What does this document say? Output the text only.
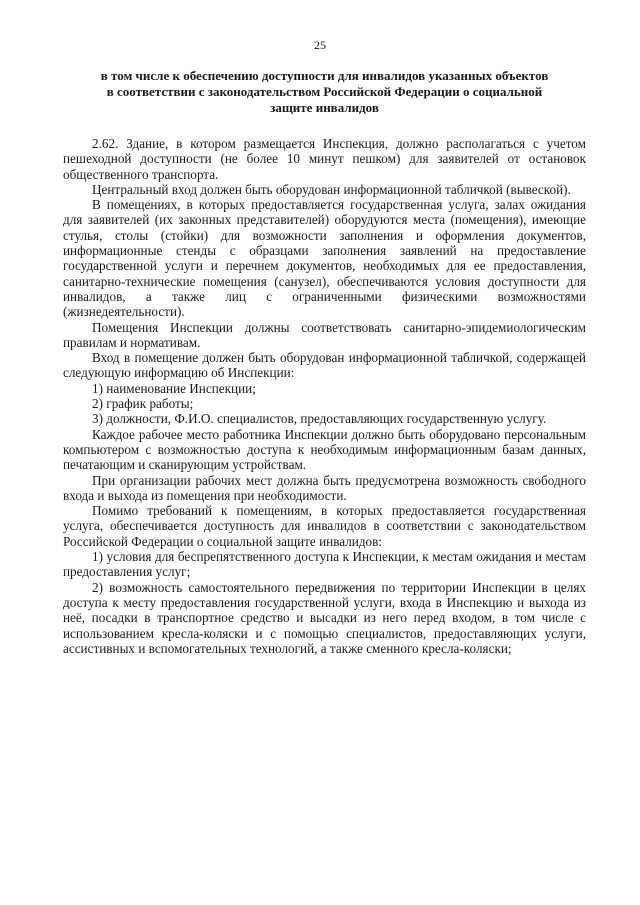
25
в том числе к обеспечению доступности для инвалидов указанных объектов
в соответствии с законодательством Российской Федерации о социальной
защите инвалидов

2.62. Здание, в котором размещается Инспекция, должно располагаться с учетом пешеходной доступности (не более 10 минут пешком) для заявителей от остановок общественного транспорта.

Центральный вход должен быть оборудован информационной табличкой (вывеской).

В помещениях, в которых предоставляется государственная услуга, залах ожидания для заявителей (их законных представителей) оборудуются места (помещения), имеющие стулья, столы (стойки) для возможности заполнения и оформления документов, информационные стенды с образцами заполнения заявлений на предоставление государственной услуги и перечнем документов, необходимых для ее предоставления, санитарно-технические помещения (санузел), обеспечиваются условия доступности для инвалидов, а также лиц с ограниченными физическими возможностями (жизнедеятельности).

Помещения Инспекции должны соответствовать санитарно-эпидемиологическим правилам и нормативам.

Вход в помещение должен быть оборудован информационной табличкой, содержащей следующую информацию об Инспекции:

1) наименование Инспекции;

2) график работы;

3) должности, Ф.И.О. специалистов, предоставляющих государственную услугу.

Каждое рабочее место работника Инспекции должно быть оборудовано персональным компьютером с возможностью доступа к необходимым информационным базам данных, печатающим и сканирующим устройствам.

При организации рабочих мест должна быть предусмотрена возможность свободного входа и выхода из помещения при необходимости.

Помимо требований к помещениям, в которых предоставляется государственная услуга, обеспечивается доступность для инвалидов в соответствии с законодательством Российской Федерации о социальной защите инвалидов:

1) условия для беспрепятственного доступа к Инспекции, к местам ожидания и местам предоставления услуг;

2) возможность самостоятельного передвижения по территории Инспекции в целях доступа к месту предоставления государственной услуги, входа в Инспекцию и выхода из неё, посадки в транспортное средство и высадки из него перед входом, в том числе с использованием кресла-коляски и с помощью специалистов, предоставляющих услуги, ассистивных и вспомогательных технологий, а также сменного кресла-коляски;
